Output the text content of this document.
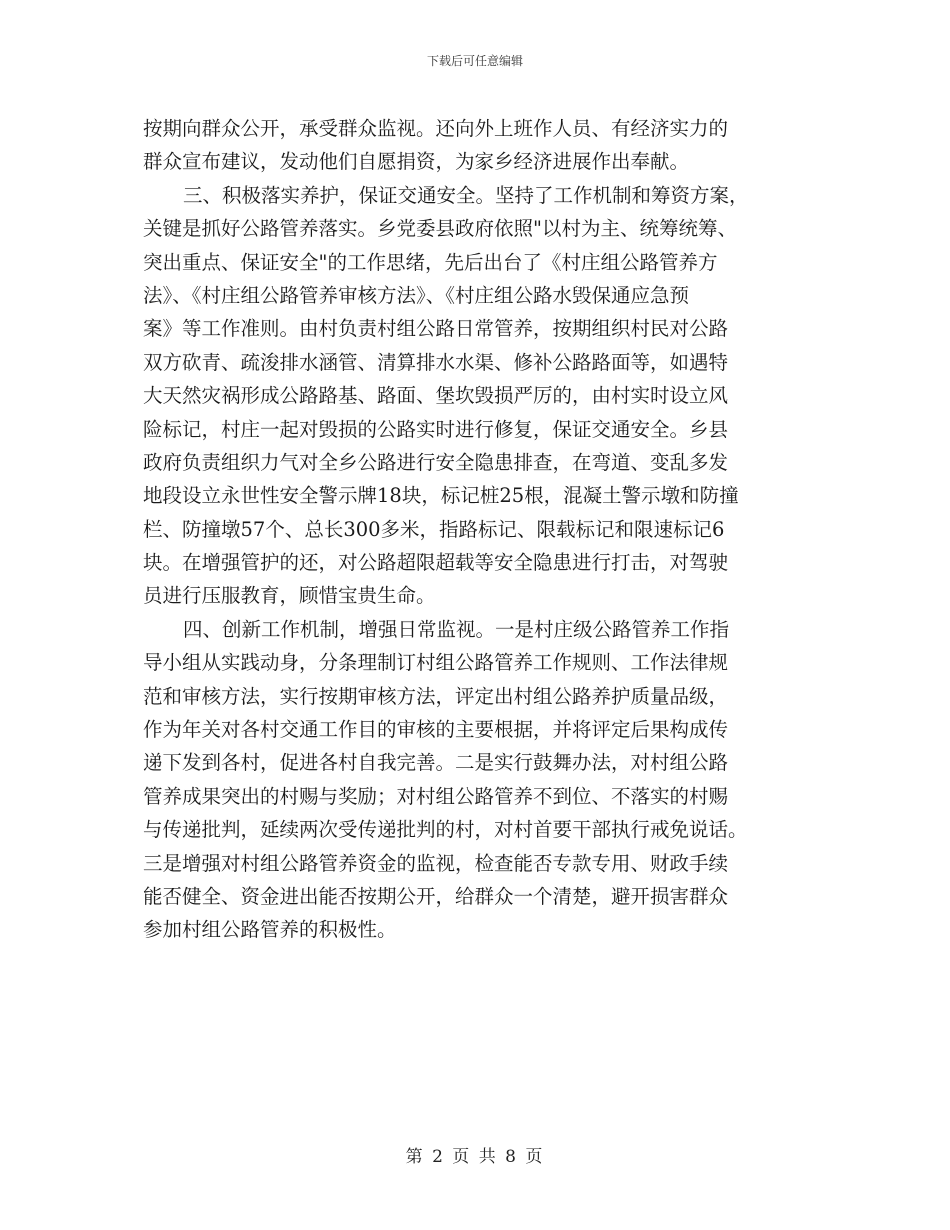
下载后可任意编辑
按期向群众公开，承受群众监视。还向外上班作人员、有经济实力的
群众宣布建议，发动他们自愿捐资，为家乡经济进展作出奉献。
三、积极落实养护，保证交通安全。坚持了工作机制和筹资方案，
关键是抓好公路管养落实。乡党委县政府依照"以村为主、统筹统筹、
突出重点、保证安全"的工作思绪，先后出台了《村庄组公路管养方
法》、《村庄组公路管养审核方法》、《村庄组公路水毁保通应急预
案》等工作准则。由村负责村组公路日常管养，按期组织村民对公路
双方砍青、疏浚排水涵管、清算排水水渠、修补公路路面等，如遇特
大天然灾祸形成公路路基、路面、堡坎毁损严厉的，由村实时设立风
险标记，村庄一起对毁损的公路实时进行修复，保证交通安全。乡县
政府负责组织力气对全乡公路进行安全隐患排查，在弯道、变乱多发
地段设立永世性安全警示牌18块，标记桩25根，混凝土警示墩和防撞
栏、防撞墩57个、总长300多米，指路标记、限载标记和限速标记6
块。在增强管护的还，对公路超限超载等安全隐患进行打击，对驾驶
员进行压服教育，顾惜宝贵生命。
四、创新工作机制，增强日常监视。一是村庄级公路管养工作指
导小组从实践动身，分条理制订村组公路管养工作规则、工作法律规
范和审核方法，实行按期审核方法，评定出村组公路养护质量品级，
作为年关对各村交通工作目的审核的主要根据，并将评定后果构成传
递下发到各村，促进各村自我完善。二是实行鼓舞办法，对村组公路
管养成果突出的村赐与奖励；对村组公路管养不到位、不落实的村赐
与传递批判，延续两次受传递批判的村，对村首要干部执行戒免说话。
三是增强对村组公路管养资金的监视，检查能否专款专用、财政手续
能否健全、资金进出能否按期公开，给群众一个清楚，避开损害群众
参加村组公路管养的积极性。
第 2 页 共 8 页
